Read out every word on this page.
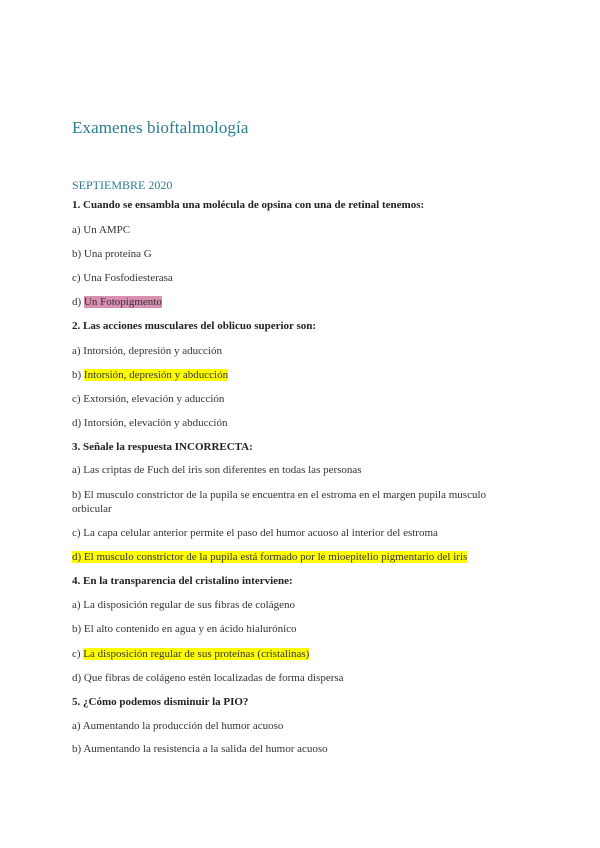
Examenes bioftalmología
SEPTIEMBRE 2020
1. Cuando se ensambla una molécula de opsina con una de retinal tenemos:
a) Un AMPC
b) Una proteína G
c) Una Fosfodiesterasa
d) Un Fotopigmento
2. Las acciones musculares del oblicuo superior son:
a) Intorsión, depresión y aducción
b) Intorsión, depresión y abducción
c) Extorsión, elevación y aducción
d) Intorsión, elevación y abducción
3. Señale la respuesta INCORRECTA:
a) Las criptas de Fuch del iris son diferentes en todas las personas
b) El musculo constrictor de la pupila se encuentra en el estroma en el margen pupila musculo orbicular
c) La capa celular anterior permite el paso del humor acuoso al interior del estroma
d) El musculo constrictor de la pupila está formado por le mioepitelio pigmentario del iris
4. En la transparencia del cristalino interviene:
a) La disposición regular de sus fibras de colágeno
b) El alto contenido en agua y en ácido hialurónico
c) La disposición regular de sus proteínas (cristalinas)
d) Que fibras de colágeno estén localizadas de forma dispersa
5. ¿Cómo podemos disminuir la PIO?
a) Aumentando la producción del humor acuoso
b) Aumentando la resistencia a la salida del humor acuoso
